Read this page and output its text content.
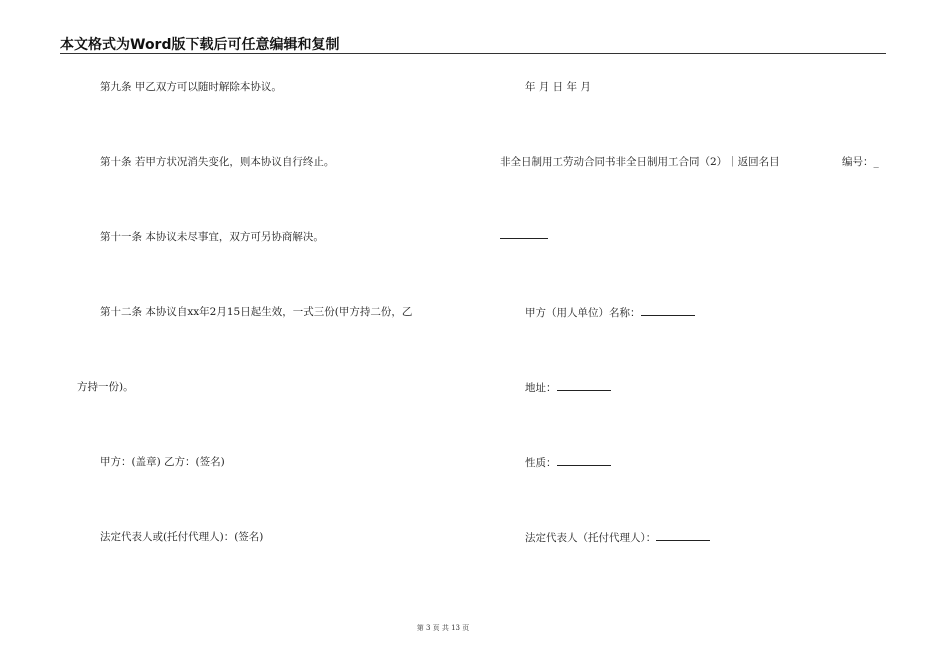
本文格式为Word版下载后可任意编辑和复制
第九条 甲乙双方可以随时解除本协议。
第十条 若甲方状况消失变化，则本协议自行终止。
第十一条 本协议未尽事宜，双方可另协商解决。
第十二条 本协议自xx年2月15日起生效，一式三份(甲方持二份，乙
方持一份)。
甲方：(盖章) 乙方：(签名)
法定代表人或(托付代理人)：(签名)
年 月 日 年 月
非全日制用工劳动合同书非全日制用工合同（2）｜返回名目	编号：_
甲方（用人单位）名称：
地址：
性质：
法定代表人（托付代理人）：
第 3 页 共 13 页
